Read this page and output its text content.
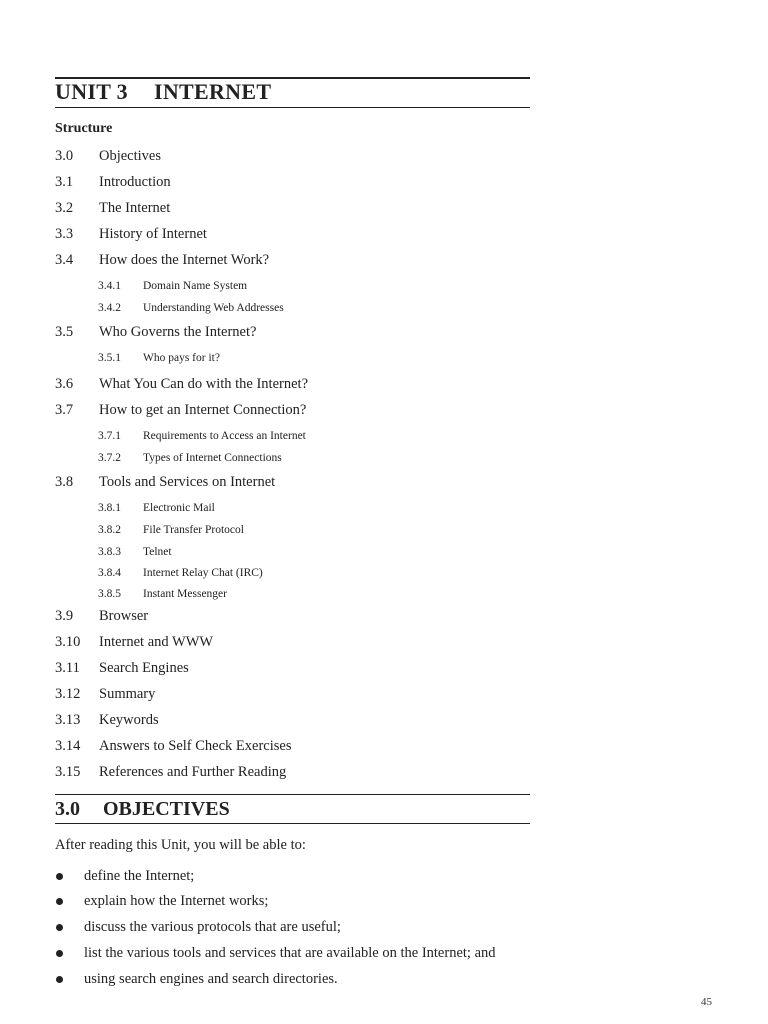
UNIT 3 INTERNET
Structure
3.0 Objectives
3.1 Introduction
3.2 The Internet
3.3 History of Internet
3.4 How does the Internet Work?
3.4.1 Domain Name System
3.4.2 Understanding Web Addresses
3.5 Who Governs the Internet?
3.5.1 Who pays for it?
3.6 What You Can do with the Internet?
3.7 How to get an Internet Connection?
3.7.1 Requirements to Access an Internet
3.7.2 Types of Internet Connections
3.8 Tools and Services on Internet
3.8.1 Electronic Mail
3.8.2 File Transfer Protocol
3.8.3 Telnet
3.8.4 Internet Relay Chat (IRC)
3.8.5 Instant Messenger
3.9 Browser
3.10 Internet and WWW
3.11 Search Engines
3.12 Summary
3.13 Keywords
3.14 Answers to Self Check Exercises
3.15 References and Further Reading
3.0 OBJECTIVES
After reading this Unit, you will be able to:
define the Internet;
explain how the Internet works;
discuss the various protocols that are useful;
list the various tools and services that are available on the Internet; and
using search engines and search directories.
45
